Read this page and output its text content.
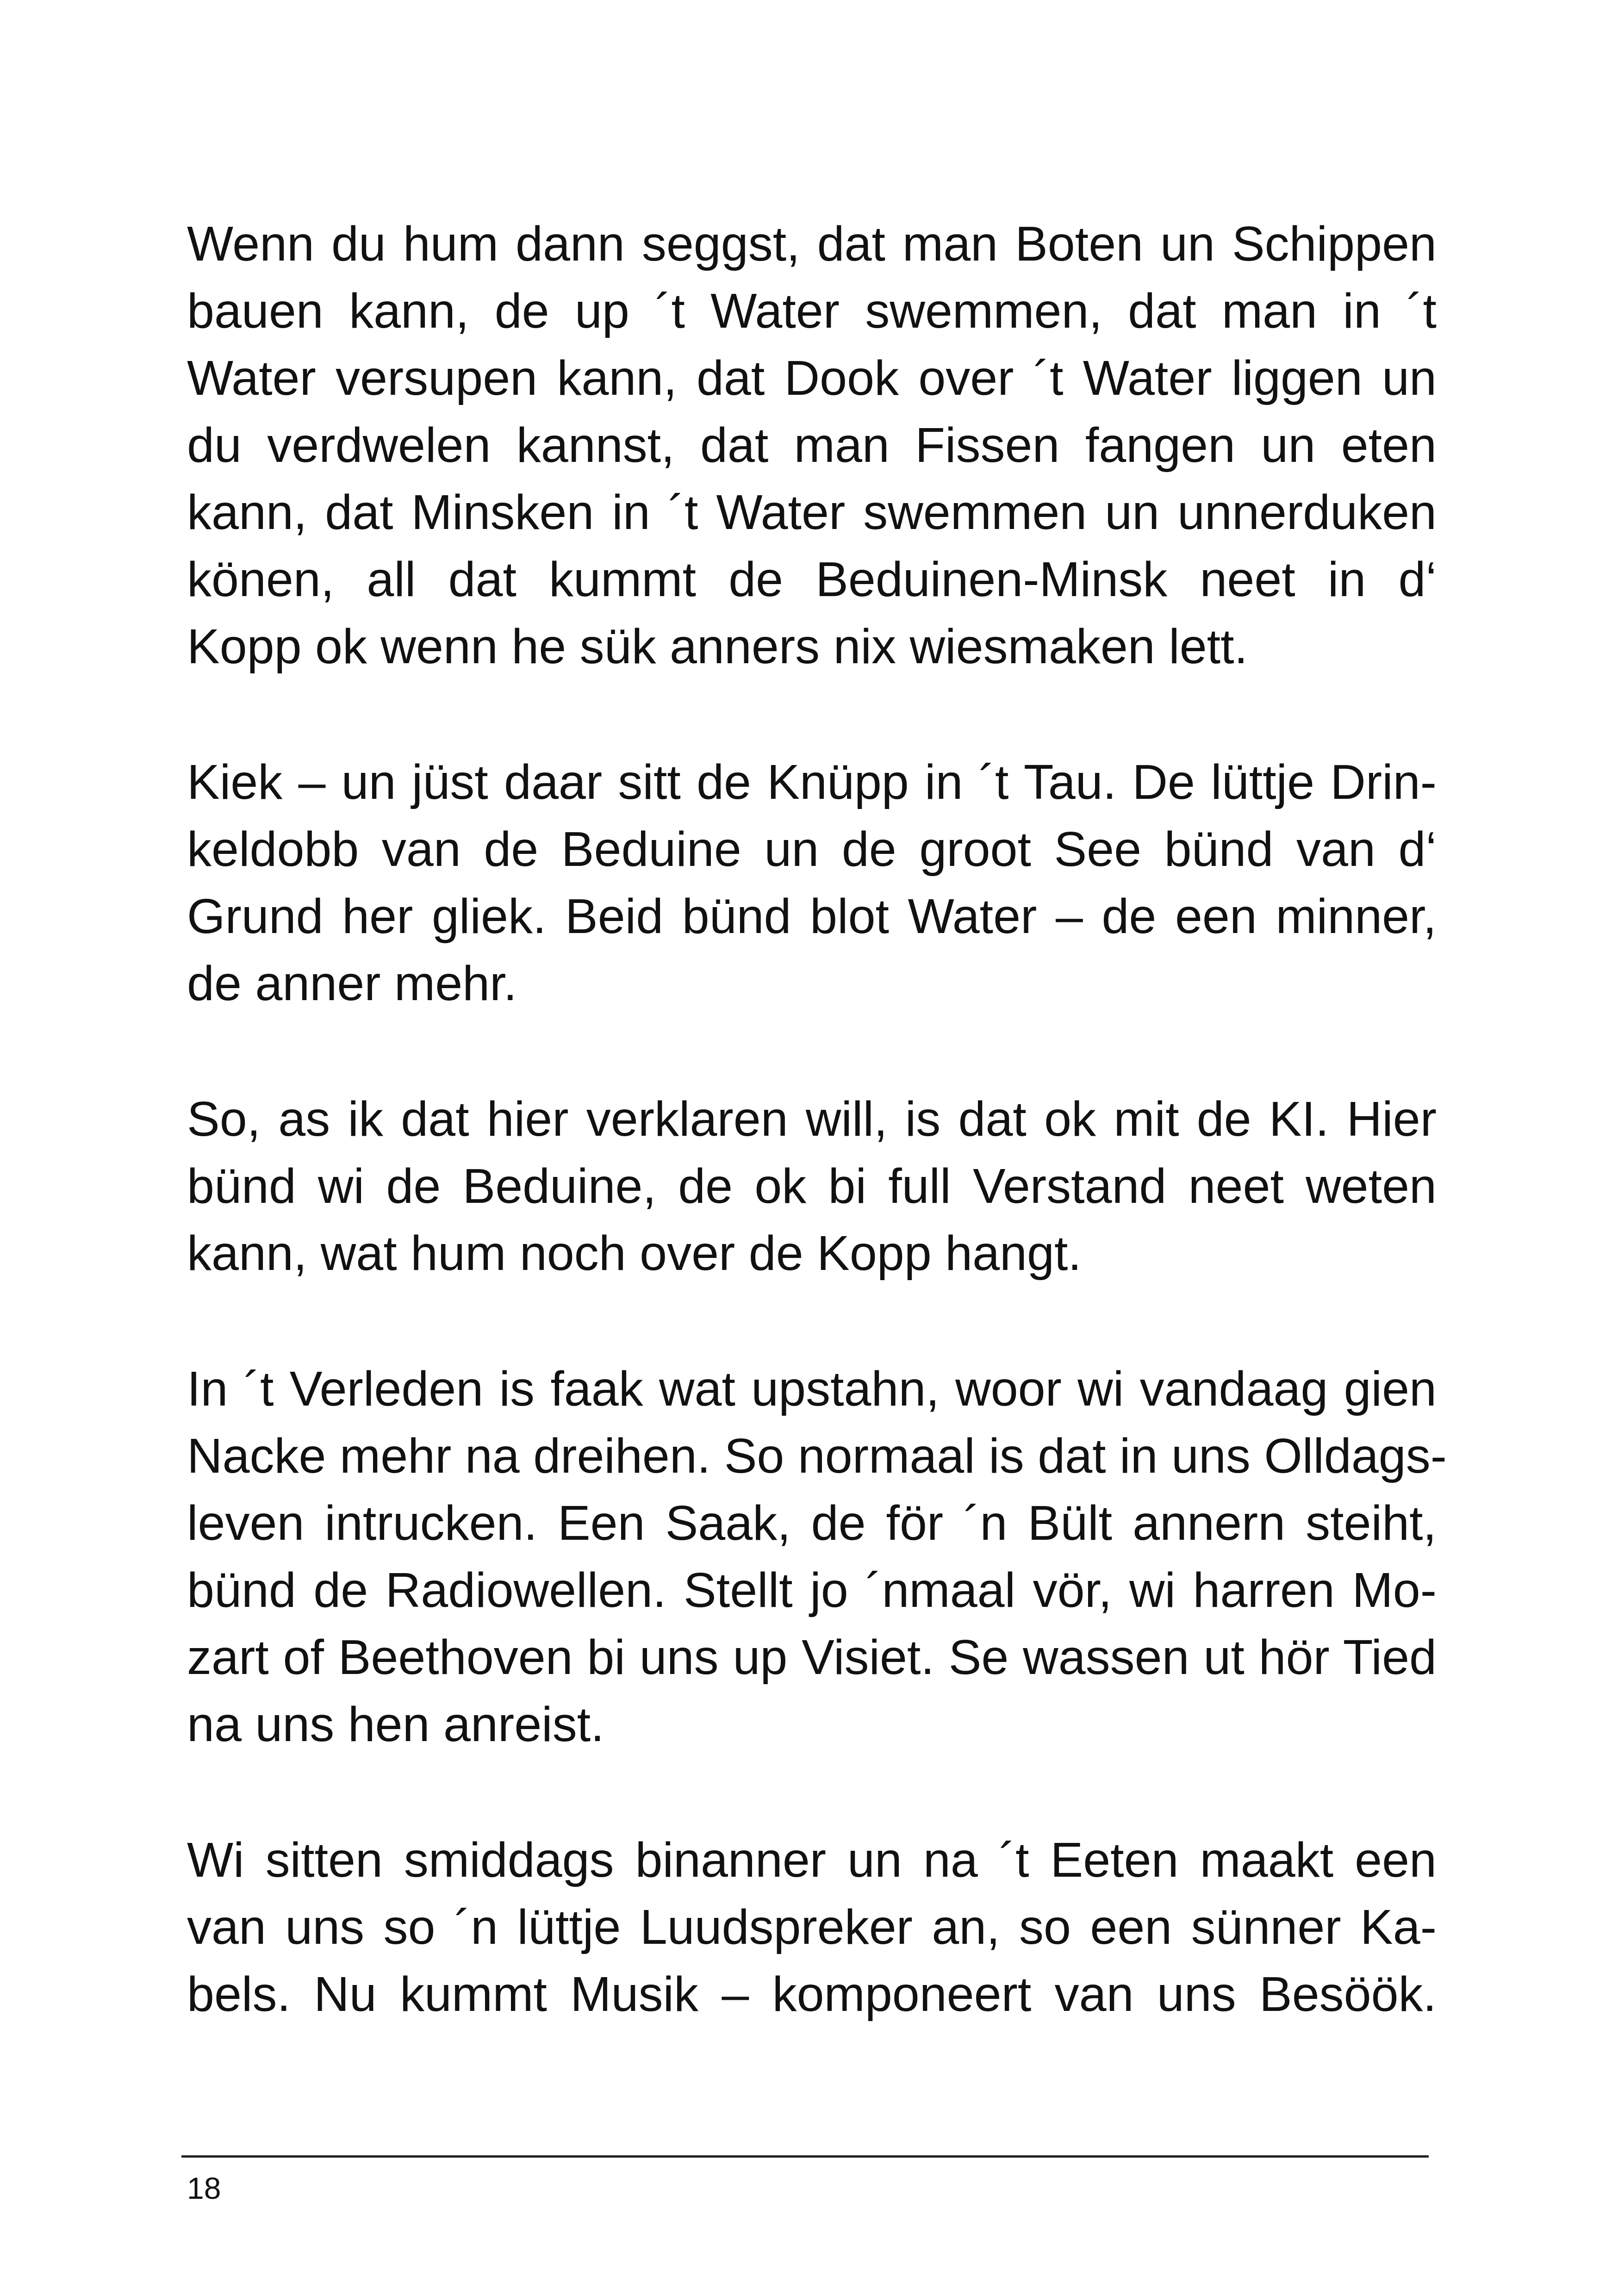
Wenn du hum dann seggst, dat man Boten un Schippen
bauen kann, de up ´t Water swemmen, dat man in ´t
Water versupen kann, dat Dook over ´t Water liggen un
du verdwelen kannst, dat man Fissen fangen un eten
kann, dat Minsken in ´t Water swemmen un unnerduken
könen, all dat kummt de Beduinen-Minsk neet in d‘
Kopp ok wenn he sük anners nix wiesmaken lett.

Kiek – un jüst daar sitt de Knüpp in ´t Tau. De lüttje Drin-
keldobb van de Beduine un de groot See bünd van d‘
Grund her gliek. Beid bünd blot Water – de een minner,
de anner mehr.

So, as ik dat hier verklaren will, is dat ok mit de KI. Hier
bünd wi de Beduine, de ok bi full Verstand neet weten
kann, wat hum noch over de Kopp hangt.

In ´t Verleden is faak wat upstahn, woor wi vandaag gien
Nacke mehr na dreihen. So normaal is dat in uns Olldags-
leven intrucken. Een Saak, de för ´n Bült annern steiht,
bünd de Radiowellen. Stellt jo ´nmaal vör, wi harren Mo-
zart of Beethoven bi uns up Visiet. Se wassen ut hör Tied
na uns hen anreist.

Wi sitten smiddags binanner un na ´t Eeten maakt een
van uns so ´n lüttje Luudspreker an, so een sünner Ka-
bels. Nu kummt Musik – komponeert van uns Besöök.

18
